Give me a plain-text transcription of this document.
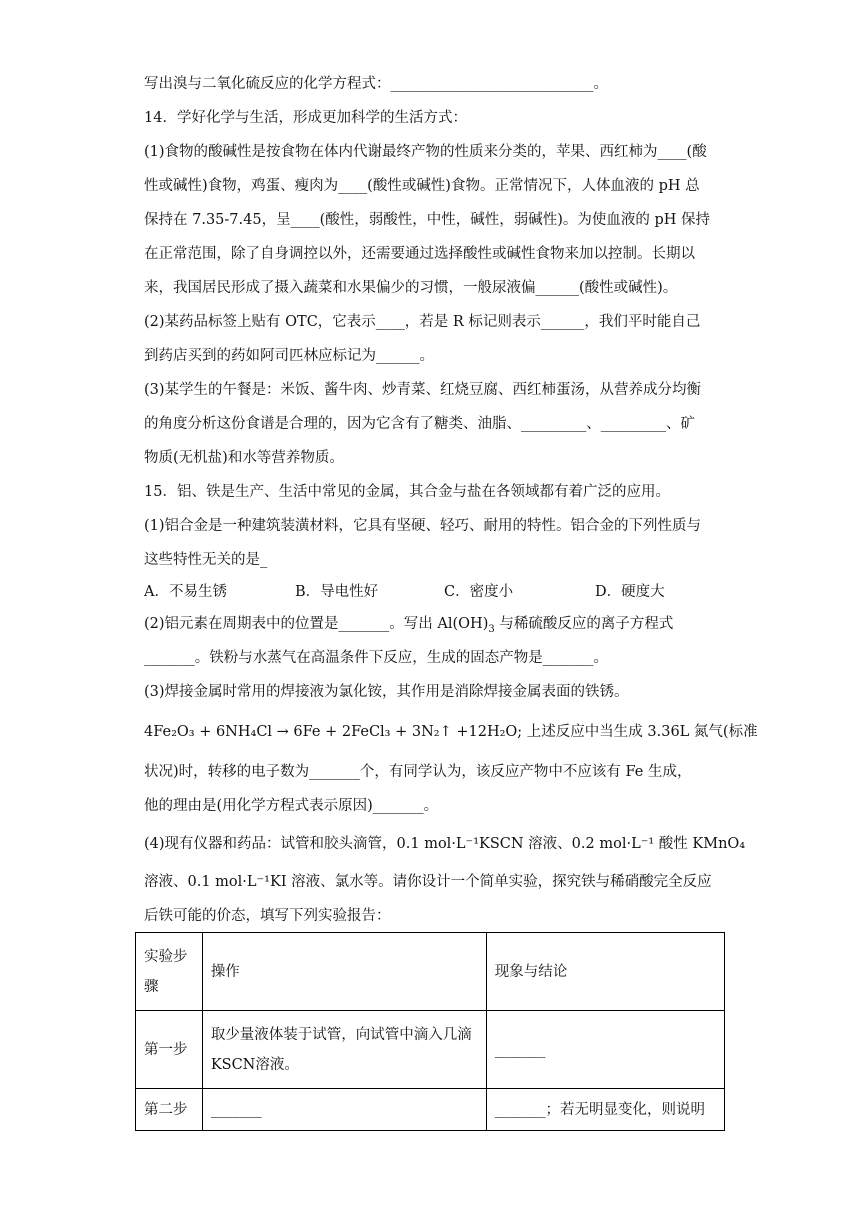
写出溴与二氧化硫反应的化学方程式：____________________________。
14．学好化学与生活，形成更加科学的生活方式：
(1)食物的酸碱性是按食物在体内代谢最终产物的性质来分类的，苹果、西红柿为____(酸
性或碱性)食物，鸡蛋、瘦肉为____(酸性或碱性)食物。正常情况下，人体血液的 pH 总
保持在 7.35-7.45，呈____(酸性，弱酸性，中性，碱性，弱碱性)。为使血液的 pH 保持
在正常范围，除了自身调控以外，还需要通过选择酸性或碱性食物来加以控制。长期以
来，我国居民形成了摄入蔬菜和水果偏少的习惯，一般尿液偏______(酸性或碱性)。
(2)某药品标签上贴有 OTC，它表示____，若是 R 标记则表示______，我们平时能自己
到药店买到的药如阿司匹林应标记为______。
(3)某学生的午餐是：米饭、酱牛肉、炒青菜、红烧豆腐、西红柿蛋汤，从营养成分均衡
的角度分析这份食谱是合理的，因为它含有了糖类、油脂、_________、_________、矿
物质(无机盐)和水等营养物质。
15．铝、铁是生产、生活中常见的金属，其合金与盐在各领域都有着广泛的应用。
(1)铝合金是一种建筑装潢材料，它具有坚硬、轻巧、耐用的特性。铝合金的下列性质与
这些特性无关的是_
A．不易生锈	B．导电性好	C．密度小	D．硬度大
(2)铝元素在周期表中的位置是_______。写出 $Al(OH)_3$ 与稀硫酸反应的离子方程式
_______。铁粉与水蒸气在高温条件下反应，生成的固态产物是_______。
(3)焊接金属时常用的焊接液为氯化铵，其作用是消除焊接金属表面的铁锈。
4Fe₂O₃ + 6NH₄Cl → 6Fe + 2FeCl₃ + 3N₂↑ +12H₂O; 上述反应中当生成 3.36L 氮气(标准
状况)时，转移的电子数为_______个，有同学认为，该反应产物中不应该有 Fe 生成，
他的理由是(用化学方程式表示原因)_______。
(4)现有仪器和药品：试管和胶头滴管，0.1 mol·L⁻¹KSCN 溶液、0.2 mol·L⁻¹ 酸性 KMnO₄
溶液、0.1 mol·L⁻¹KI 溶液、氯水等。请你设计一个简单实验，探究铁与稀硝酸完全反应
后铁可能的价态，填写下列实验报告：
实验步骤	操作	现象与结论
第一步	取少量液体装于试管，向试管中滴入几滴KSCN溶液。	_______
第二步	_______	_______；若无明显变化，则说明
